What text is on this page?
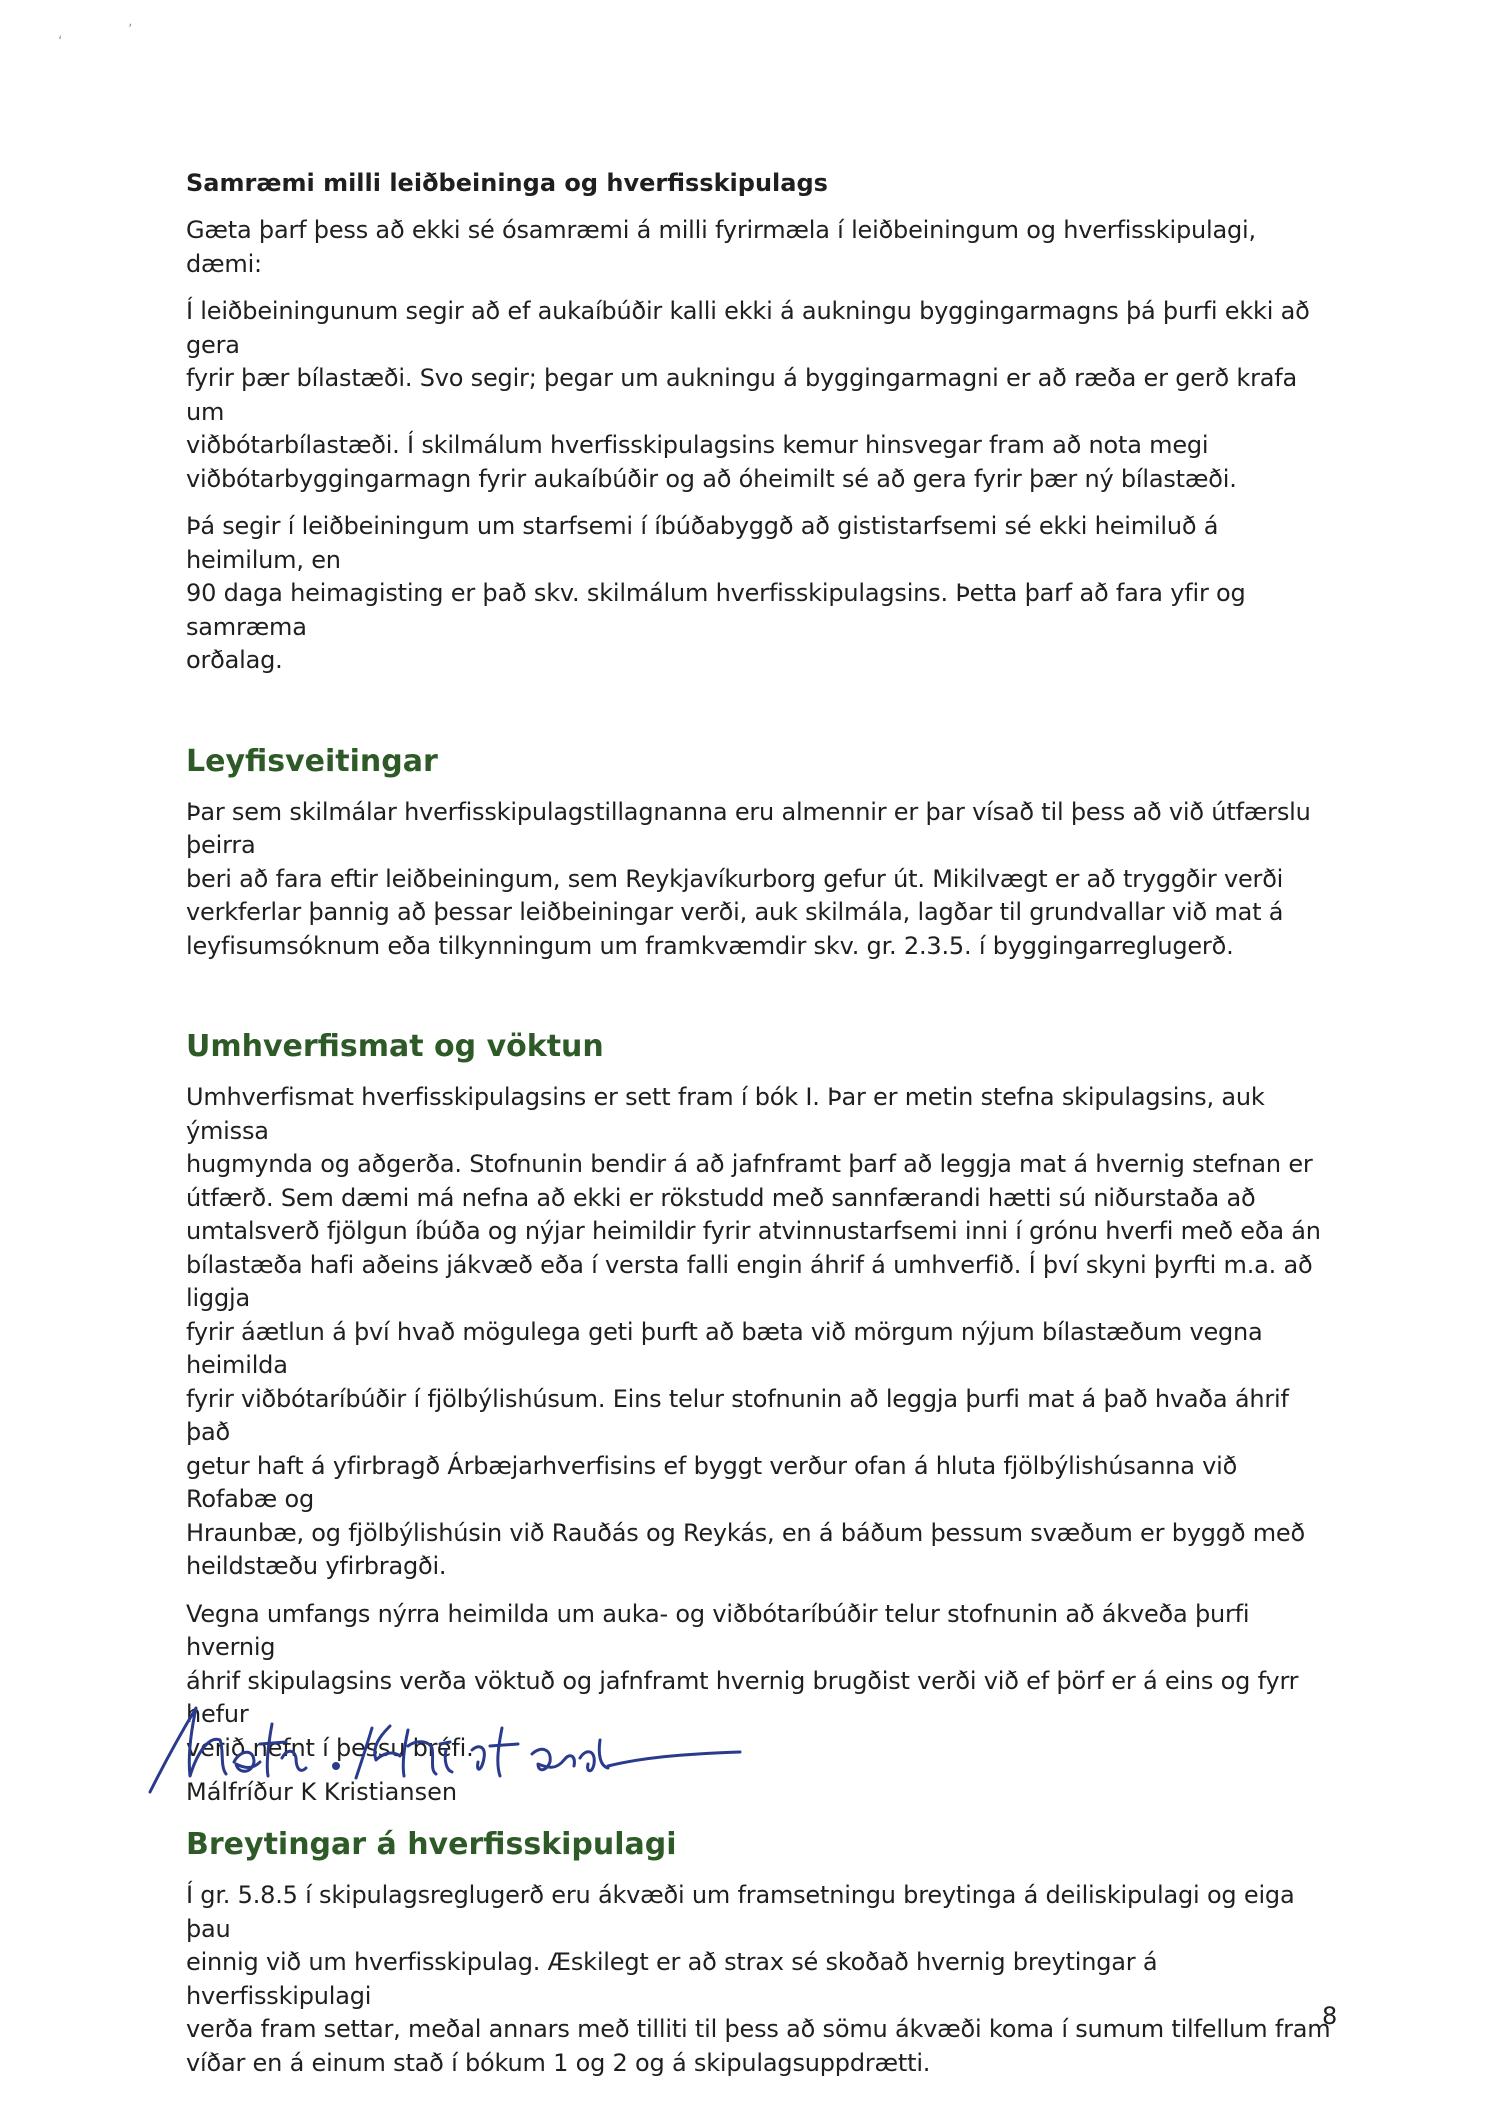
ʻ
ʼ
Samræmi milli leiðbeininga og hverfisskipulags

Gæta þarf þess að ekki sé ósamræmi á milli fyrirmæla í leiðbeiningum og hverfisskipulagi, dæmi:

Í leiðbeiningunum segir að ef aukaíbúðir kalli ekki á aukningu byggingarmagns þá þurfi ekki að gera
fyrir þær bílastæði. Svo segir; þegar um aukningu á byggingarmagni er að ræða er gerð krafa um
viðbótarbílastæði. Í skilmálum hverfisskipulagsins kemur hinsvegar fram að nota megi
viðbótarbyggingarmagn fyrir aukaíbúðir og að óheimilt sé að gera fyrir þær ný bílastæði.

Þá segir í leiðbeiningum um starfsemi í íbúðabyggð að gististarfsemi sé ekki heimiluð á heimilum, en
90 daga heimagisting er það skv. skilmálum hverfisskipulagsins. Þetta þarf að fara yfir og samræma
orðalag.

Leyfisveitingar

Þar sem skilmálar hverfisskipulagstillagnanna eru almennir er þar vísað til þess að við útfærslu þeirra
beri að fara eftir leiðbeiningum, sem Reykjavíkurborg gefur út. Mikilvægt er að tryggðir verði
verkferlar þannig að þessar leiðbeiningar verði, auk skilmála, lagðar til grundvallar við mat á
leyfisumsóknum eða tilkynningum um framkvæmdir skv. gr. 2.3.5. í byggingarreglugerð.

Umhverfismat og vöktun

Umhverfismat hverfisskipulagsins er sett fram í bók I. Þar er metin stefna skipulagsins, auk ýmissa
hugmynda og aðgerða. Stofnunin bendir á að jafnframt þarf að leggja mat á hvernig stefnan er
útfærð. Sem dæmi má nefna að ekki er rökstudd með sannfærandi hætti sú niðurstaða að
umtalsverð fjölgun íbúða og nýjar heimildir fyrir atvinnustarfsemi inni í grónu hverfi með eða án
bílastæða hafi aðeins jákvæð eða í versta falli engin áhrif á umhverfið. Í því skyni þyrfti m.a. að liggja
fyrir áætlun á því hvað mögulega geti þurft að bæta við mörgum nýjum bílastæðum vegna heimilda
fyrir viðbótaríbúðir í fjölbýlishúsum. Eins telur stofnunin að leggja þurfi mat á það hvaða áhrif það
getur haft á yfirbragð Árbæjarhverfisins ef byggt verður ofan á hluta fjölbýlishúsanna við Rofabæ og
Hraunbæ, og fjölbýlishúsin við Rauðás og Reykás, en á báðum þessum svæðum er byggð með
heildstæðu yfirbragði.

Vegna umfangs nýrra heimilda um auka- og viðbótaríbúðir telur stofnunin að ákveða þurfi hvernig
áhrif skipulagsins verða vöktuð og jafnframt hvernig brugðist verði við ef þörf er á eins og fyrr hefur
verið nefnt í þessu bréfi.

Breytingar á hverfisskipulagi

Í gr. 5.8.5 í skipulagsreglugerð eru ákvæði um framsetningu breytinga á deiliskipulagi og eiga þau
einnig við um hverfisskipulag. Æskilegt er að strax sé skoðað hvernig breytingar á hverfisskipulagi
verða fram settar, meðal annars með tilliti til þess að sömu ákvæði koma í sumum tilfellum fram
víðar en á einum stað í bókum 1 og 2 og á skipulagsuppdrætti.

Málfríður K Kristiansen
8
